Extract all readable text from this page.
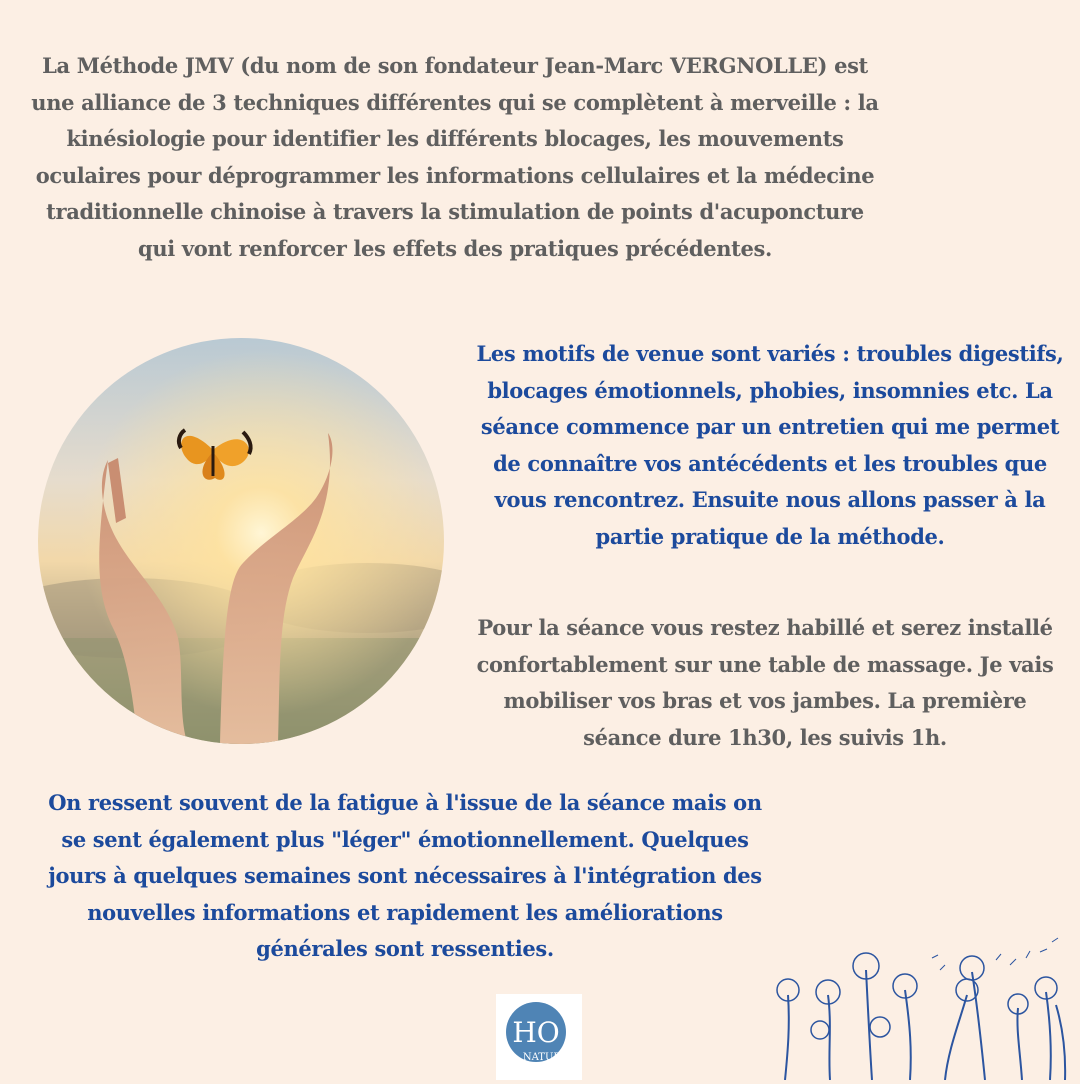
La Méthode JMV (du nom de son fondateur Jean-Marc VERGNOLLE) est une alliance de 3 techniques différentes qui se complètent à merveille : la kinésiologie pour identifier les différents blocages, les mouvements oculaires pour déprogrammer les informations cellulaires et la médecine traditionnelle chinoise à travers la stimulation de points d'acuponcture qui vont renforcer les effets des pratiques précédentes.

Les motifs de venue sont variés : troubles digestifs, blocages émotionnels, phobies, insomnies etc. La séance commence par un entretien qui me permet de connaître vos antécédents et les troubles que vous rencontrez. Ensuite nous allons passer à la partie pratique de la méthode.

Pour la séance vous restez habillé et serez installé confortablement sur une table de massage. Je vais mobiliser vos bras et vos jambes. La première séance dure 1h30, les suivis 1h.

On ressent souvent de la fatigue à l'issue de la séance mais on se sent également plus "léger" émotionnellement. Quelques jours à quelques semaines sont nécessaires à l'intégration des nouvelles informations et rapidement les améliorations générales sont ressenties.

HO
NATURO
